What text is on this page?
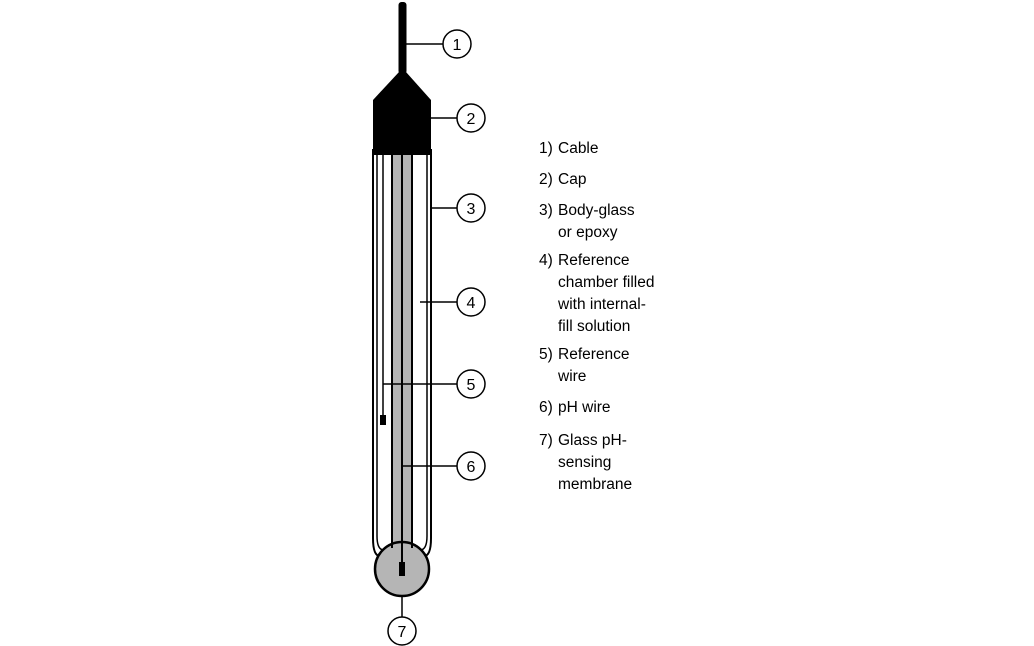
1
2
3
4
5
6
7
1) Cable
2) Cap
3) Body-glass
or epoxy
4) Reference
chamber filled
with internal-
fill solution
5) Reference
wire
6) pH wire
7) Glass pH-
sensing
membrane
